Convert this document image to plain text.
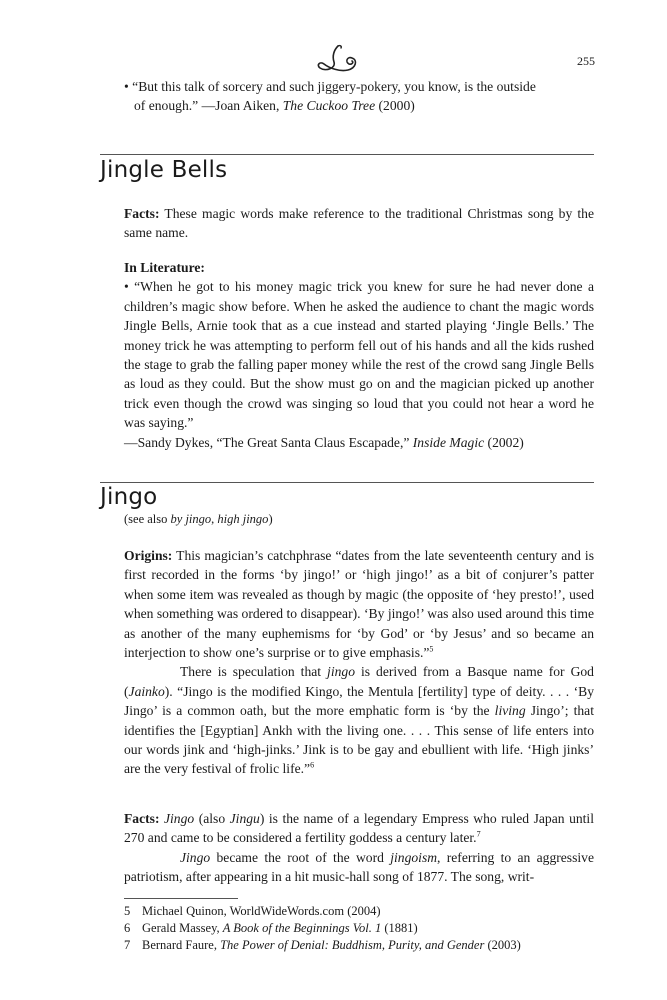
255
• “But this talk of sorcery and such jiggery-pokery, you know, is the outside
of enough.” —Joan Aiken, The Cuckoo Tree (2000)
Jingle Bells
Facts: These magic words make reference to the traditional Christmas song by the same name.
In Literature:
• “When he got to his money magic trick you knew for sure he had never done a children’s magic show before. When he asked the audience to chant the magic words Jingle Bells, Arnie took that as a cue instead and started playing ‘Jingle Bells.’ The money trick he was attempting to perform fell out of his hands and all the kids rushed the stage to grab the falling paper money while the rest of the crowd sang Jingle Bells as loud as they could. But the show must go on and the magician picked up another trick even though the crowd was singing so loud that you could not hear a word he was saying.”
—Sandy Dykes, “The Great Santa Claus Escapade,” Inside Magic (2002)
Jingo
(see also by jingo, high jingo)
Origins: This magician’s catchphrase “dates from the late seventeenth century and is first recorded in the forms ‘by jingo!’ or ‘high jingo!’ as a bit of conjurer’s patter when some item was revealed as though by magic (the opposite of ‘hey presto!’, used when something was ordered to disappear). ‘By jingo!’ was also used around this time as another of the many euphemisms for ‘by God’ or ‘by Jesus’ and so became an interjection to show one’s surprise or to give emphasis.”$^5$
There is speculation that jingo is derived from a Basque name for God (Jainko). “Jingo is the modified Kingo, the Mentula [fertility] type of deity. . . . ‘By Jingo’ is a common oath, but the more emphatic form is ‘by the living Jingo’; that identifies the [Egyptian] Ankh with the living one. . . . This sense of life enters into our words jink and ‘high-jinks.’ Jink is to be gay and ebullient with life. ‘High jinks’ are the very festival of frolic life.”$^6$
Facts: Jingo (also Jingu) is the name of a legendary Empress who ruled Japan until 270 and came to be considered a fertility goddess a century later.$^7$
Jingo became the root of the word jingoism, referring to an aggressive patriotism, after appearing in a hit music-hall song of 1877. The song, writ-
5 Michael Quinon, WorldWideWords.com (2004)
6 Gerald Massey, A Book of the Beginnings Vol. 1 (1881)
7 Bernard Faure, The Power of Denial: Buddhism, Purity, and Gender (2003)
